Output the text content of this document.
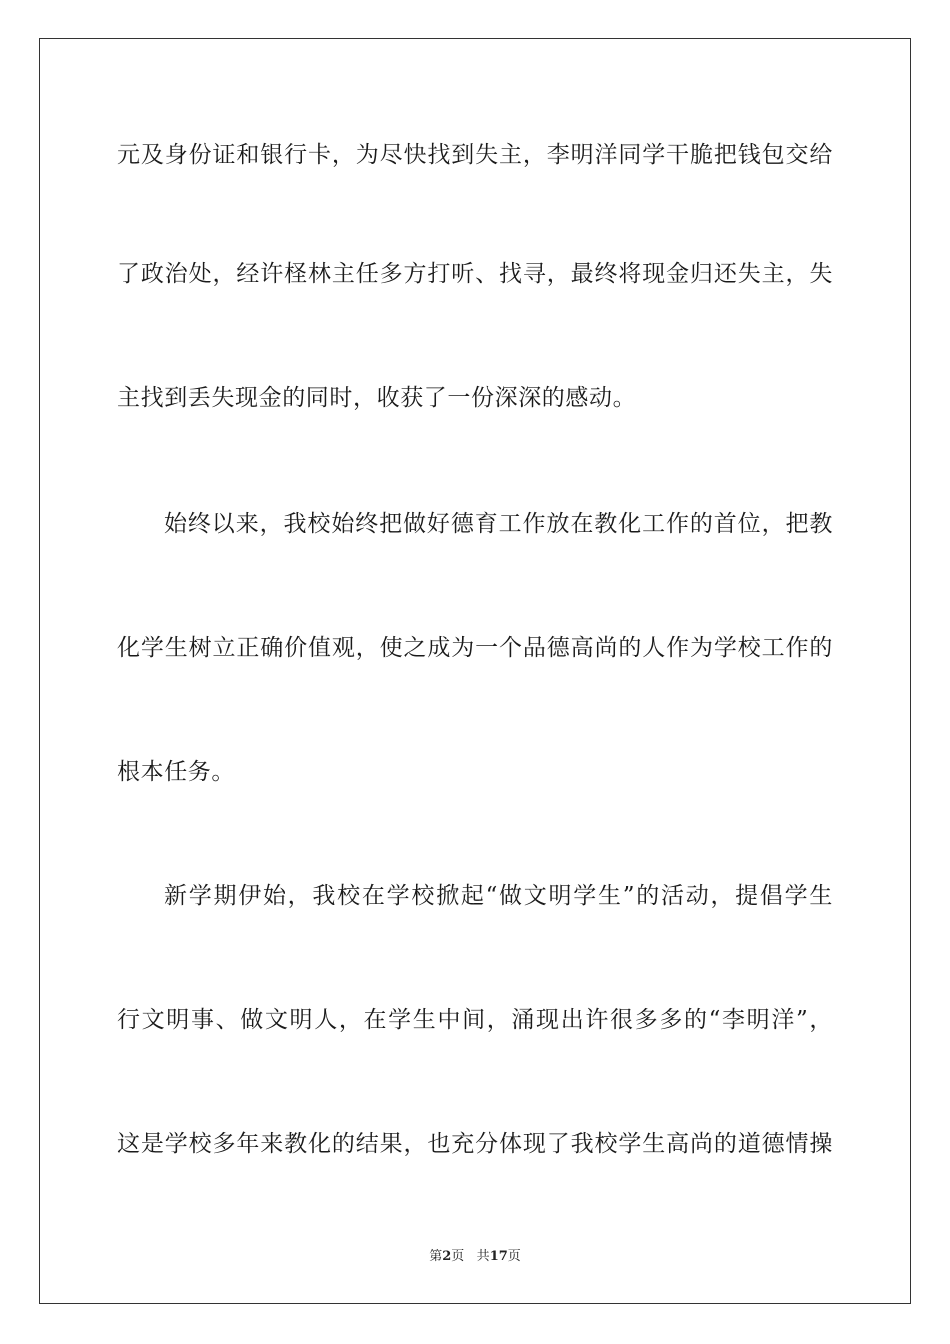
元及身份证和银行卡，为尽快找到失主，李明洋同学干脆把钱包交给
了政治处，经许柽林主任多方打听、找寻，最终将现金归还失主，失
主找到丢失现金的同时，收获了一份深深的感动。
始终以来，我校始终把做好德育工作放在教化工作的首位，把教
化学生树立正确价值观，使之成为一个品德高尚的人作为学校工作的
根本任务。
新学期伊始，我校在学校掀起“做文明学生”的活动，提倡学生
行文明事、做文明人，在学生中间，涌现出许很多多的“李明洋”，
这是学校多年来教化的结果，也充分体现了我校学生高尚的道德情操
第2页 共17页
